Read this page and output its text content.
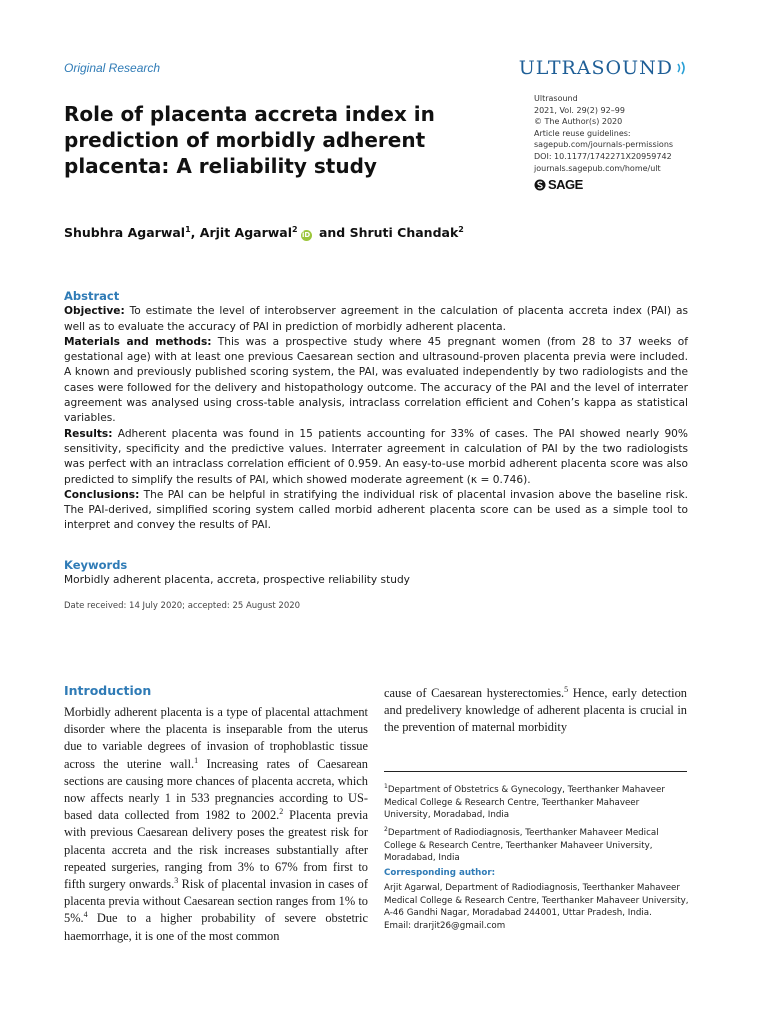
Original Research	ULTRASOUND
Role of placenta accreta index in prediction of morbidly adherent placenta: A reliability study
Ultrasound
2021, Vol. 29(2) 92–99
© The Author(s) 2020
Article reuse guidelines:
sagepub.com/journals-permissions
DOI: 10.1177/1742271X20959742
journals.sagepub.com/home/ult
SAGE
Shubhra Agarwal$^1$, Arjit Agarwal$^2$iD and Shruti Chandak$^2$
Abstract

Objective: To estimate the level of interobserver agreement in the calculation of placenta accreta index (PAI) as well as to evaluate the accuracy of PAI in prediction of morbidly adherent placenta.

Materials and methods: This was a prospective study where 45 pregnant women (from 28 to 37 weeks of gestational age) with at least one previous Caesarean section and ultrasound-proven placenta previa were included. A known and previously published scoring system, the PAI, was evaluated independently by two radiologists and the cases were followed for the delivery and histopathology outcome. The accuracy of the PAI and the level of interrater agreement was analysed using cross-table analysis, intraclass correlation efficient and Cohen’s kappa as statistical variables.

Results: Adherent placenta was found in 15 patients accounting for 33% of cases. The PAI showed nearly 90% sensitivity, specificity and the predictive values. Interrater agreement in calculation of PAI by the two radiologists was perfect with an intraclass correlation efficient of 0.959. An easy-to-use morbid adherent placenta score was also predicted to simplify the results of PAI, which showed moderate agreement (κ = 0.746).

Conclusions: The PAI can be helpful in stratifying the individual risk of placental invasion above the baseline risk. The PAI-derived, simplified scoring system called morbid adherent placenta score can be used as a simple tool to interpret and convey the results of PAI.

Keywords

Morbidly adherent placenta, accreta, prospective reliability study

Date received: 14 July 2020; accepted: 25 August 2020
Introduction

Morbidly adherent placenta is a type of placental attachment disorder where the placenta is inseparable from the uterus due to variable degrees of invasion of trophoblastic tissue across the uterine wall.$^1$ Increasing rates of Caesarean sections are causing more chances of placenta accreta, which now affects nearly 1 in 533 pregnancies according to US-based data collected from 1982 to 2002.$^2$ Placenta previa with previous Caesarean delivery poses the greatest risk for placenta accreta and the risk increases substantially after repeated surgeries, ranging from 3% to 67% from first to fifth surgery onwards.$^3$ Risk of placental invasion in cases of placenta previa without Caesarean section ranges from 1% to 5%.$^4$ Due to a higher probability of severe obstetric haemorrhage, it is one of the most common

cause of Caesarean hysterectomies.$^5$ Hence, early detection and predelivery knowledge of adherent placenta is crucial in the prevention of maternal morbidity

$^1$Department of Obstetrics & Gynecology, Teerthanker Mahaveer Medical College & Research Centre, Teerthanker Mahaveer University, Moradabad, India

$^2$Department of Radiodiagnosis, Teerthanker Mahaveer Medical College & Research Centre, Teerthanker Mahaveer University, Moradabad, India

Corresponding author:
Arjit Agarwal, Department of Radiodiagnosis, Teerthanker Mahaveer Medical College & Research Centre, Teerthanker Mahaveer University, A-46 Gandhi Nagar, Moradabad 244001, Uttar Pradesh, India.
Email: drarjit26@gmail.com
